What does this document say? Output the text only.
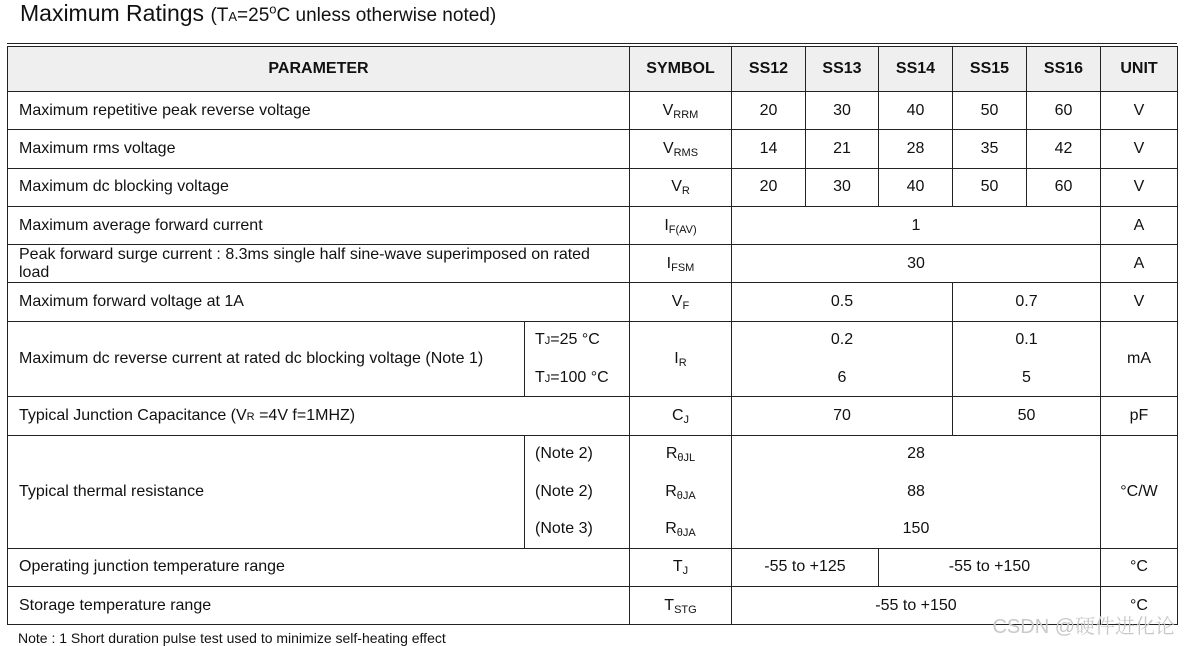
Maximum Ratings ($TA=25^oC$ unless otherwise noted)
PARAMETER		SYMBOL	SS12	SS13	SS14	SS15	SS16	UNIT
Maximum repetitive peak reverse voltage		VRRM	20	30	40	50	60	V
Maximum rms voltage		VRMS	14	21	28	35	42	V
Maximum dc blocking voltage		VR	20	30	40	50	60	V
Maximum average forward current		IF(AV)	1					A

Peak forward surge current : 8.3ms single half sine-wave superimposed on rated
load		IFSM	30					A
Maximum forward voltage at 1A		VF	0.5			0.7		V
Maximum dc reverse current at rated dc blocking voltage (Note 1)	TJ=25 °C	IR	0.2			0.1		mA
	TJ=100 °C		6			5		
Typical Junction Capacitance (VR =4V f=1MHZ)		CJ	70			50		pF
Typical thermal resistance	(Note 2)	RθJL	28					°C/W
	(Note 2)	RθJA	88					
	(Note 3)	RθJA	150					
Operating junction temperature range		TJ	-55 to +125		-55 to +150			°C
Storage temperature range		TSTG	-55 to +150					°C
Note : 1 Short duration pulse test used to minimize self-heating effect	CSDN @硬件进化论
